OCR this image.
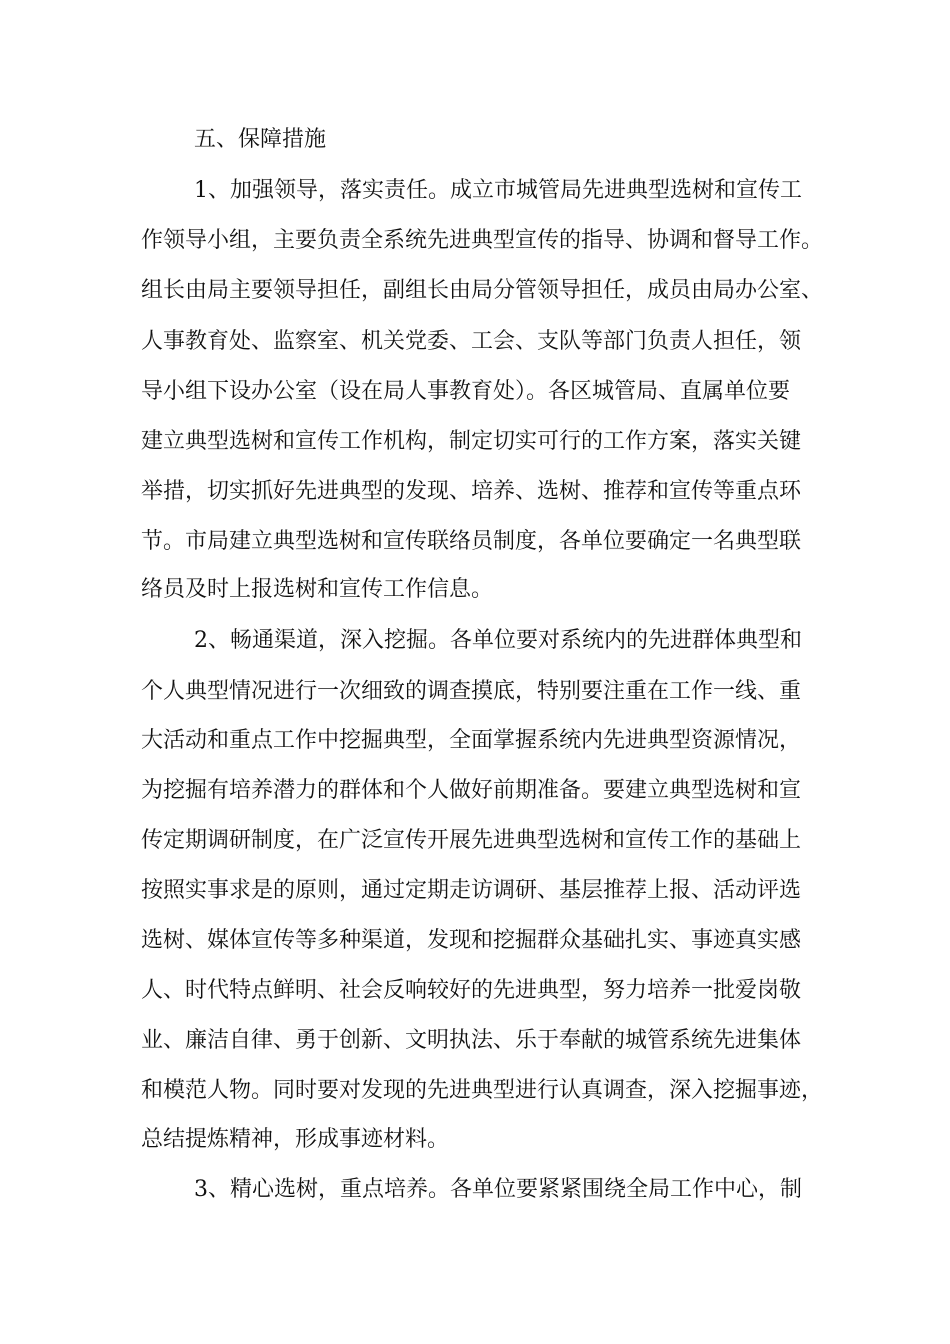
五、保障措施
1、加强领导，落实责任。成立市城管局先进典型选树和宣传工
作领导小组，主要负责全系统先进典型宣传的指导、协调和督导工作。
组长由局主要领导担任，副组长由局分管领导担任，成员由局办公室、
人事教育处、监察室、机关党委、工会、支队等部门负责人担任，领
导小组下设办公室（设在局人事教育处）。各区城管局、直属单位要
建立典型选树和宣传工作机构，制定切实可行的工作方案，落实关键
举措，切实抓好先进典型的发现、培养、选树、推荐和宣传等重点环
节。市局建立典型选树和宣传联络员制度，各单位要确定一名典型联
络员及时上报选树和宣传工作信息。
2、畅通渠道，深入挖掘。各单位要对系统内的先进群体典型和
个人典型情况进行一次细致的调查摸底，特别要注重在工作一线、重
大活动和重点工作中挖掘典型，全面掌握系统内先进典型资源情况，
为挖掘有培养潜力的群体和个人做好前期准备。要建立典型选树和宣
传定期调研制度，在广泛宣传开展先进典型选树和宣传工作的基础上
按照实事求是的原则，通过定期走访调研、基层推荐上报、活动评选
选树、媒体宣传等多种渠道，发现和挖掘群众基础扎实、事迹真实感
人、时代特点鲜明、社会反响较好的先进典型，努力培养一批爱岗敬
业、廉洁自律、勇于创新、文明执法、乐于奉献的城管系统先进集体
和模范人物。同时要对发现的先进典型进行认真调查，深入挖掘事迹，
总结提炼精神，形成事迹材料。
3、精心选树，重点培养。各单位要紧紧围绕全局工作中心，制
